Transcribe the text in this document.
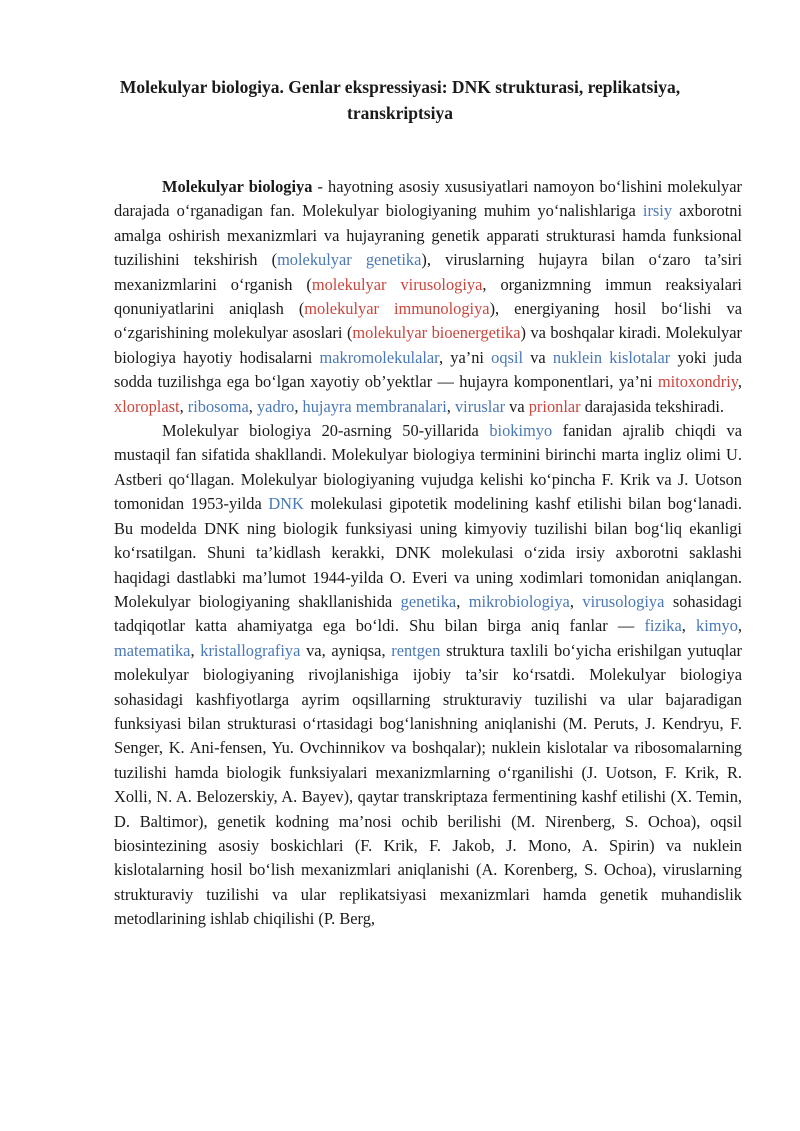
Molekulyar biologiya. Genlar ekspressiyasi: DNK strukturasi, replikatsiya, transkriptsiya

Molekulyar biologiya - hayotning asosiy xususiyatlari namoyon bo‘lishini molekulyar darajada o‘rganadigan fan. Molekulyar biologiyaning muhim yo‘nalishlariga irsiy axborotni amalga oshirish mexanizmlari va hujayraning genetik apparati strukturasi hamda funksional tuzilishini tekshirish (molekulyar genetika), viruslarning hujayra bilan o‘zaro ta’siri mexanizmlarini o‘rganish (molekulyar virusologiya, organizmning immun reaksiyalari qonuniyatlarini aniqlash (molekulyar immunologiya), energiyaning hosil bo‘lishi va o‘zgarishining molekulyar asoslari (molekulyar bioenergetika) va boshqalar kiradi. Molekulyar biologiya hayotiy hodisalarni makromolekulalar, ya’ni oqsil va nuklein kislotalar yoki juda sodda tuzilishga ega bo‘lgan xayotiy ob’yektlar — hujayra komponentlari, ya’ni mitoxondriy, xloroplast, ribosoma, yadro, hujayra membranalari, viruslar va prionlar darajasida tekshiradi.

Molekulyar biologiya 20-asrning 50-yillarida biokimyo fanidan ajralib chiqdi va mustaqil fan sifatida shakllandi. Molekulyar biologiya terminini birinchi marta ingliz olimi U. Astberi qo‘llagan. Molekulyar biologiyaning vujudga kelishi ko‘pincha F. Krik va J. Uotson tomonidan 1953-yilda DNK molekulasi gipotetik modelining kashf etilishi bilan bog‘lanadi. Bu modelda DNK ning biologik funksiyasi uning kimyoviy tuzilishi bilan bog‘liq ekanligi ko‘rsatilgan. Shuni ta’kidlash kerakki, DNK molekulasi o‘zida irsiy axborotni saklashi haqidagi dastlabki ma’lumot 1944-yilda O. Everi va uning xodimlari tomonidan aniqlangan. Molekulyar biologiyaning shakllanishida genetika, mikrobiologiya, virusologiya sohasidagi tadqiqotlar katta ahamiyatga ega bo‘ldi. Shu bilan birga aniq fanlar — fizika, kimyo, matematika, kristallografiya va, ayniqsa, rentgen struktura taxlili bo‘yicha erishilgan yutuqlar molekulyar biologiyaning rivojlanishiga ijobiy ta’sir ko‘rsatdi. Molekulyar biologiya sohasidagi kashfiyotlarga ayrim oqsillarning strukturaviy tuzilishi va ular bajaradigan funksiyasi bilan strukturasi o‘rtasidagi bog‘lanishning aniqlanishi (M. Peruts, J. Kendryu, F. Senger, K. Ani-fensen, Yu. Ovchinnikov va boshqalar); nuklein kislotalar va ribosomalarning tuzilishi hamda biologik funksiyalari mexanizmlarning o‘rganilishi (J. Uotson, F. Krik, R. Xolli, N. A. Belozerskiy, A. Bayev), qaytar transkriptaza fermentining kashf etilishi (X. Temin, D. Baltimor), genetik kodning ma’nosi ochib berilishi (M. Nirenberg, S. Ochoa), oqsil biosintezining asosiy boskichlari (F. Krik, F. Jakob, J. Mono, A. Spirin) va nuklein kislotalarning hosil bo‘lish mexanizmlari aniqlanishi (A. Korenberg, S. Ochoa), viruslarning strukturaviy tuzilishi va ular replikatsiyasi mexanizmlari hamda genetik muhandislik metodlarining ishlab chiqilishi (P. Berg,
